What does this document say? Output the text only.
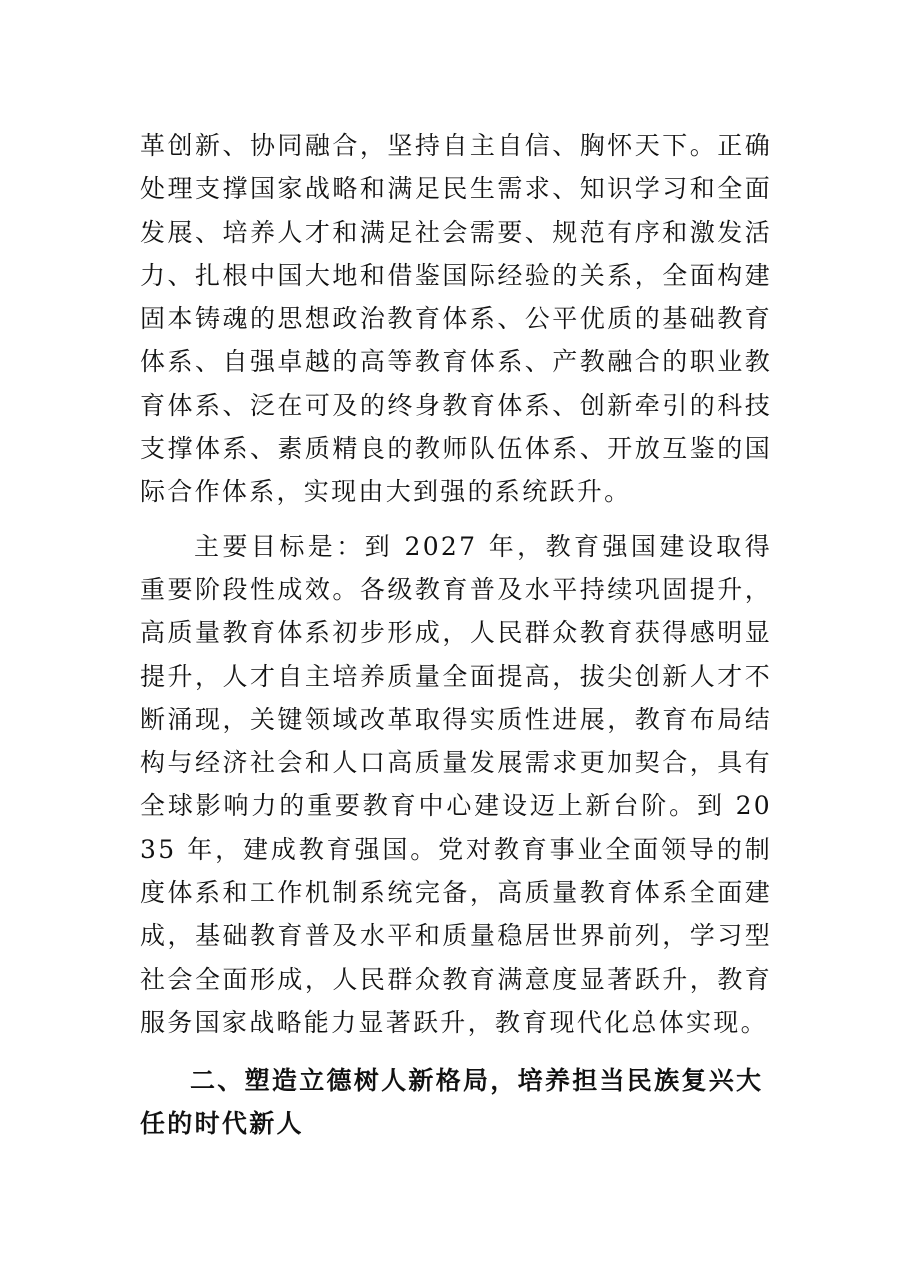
革创新、协同融合，坚持自主自信、胸怀天下。正确处理支撑国家战略和满足民生需求、知识学习和全面发展、培养人才和满足社会需要、规范有序和激发活力、扎根中国大地和借鉴国际经验的关系，全面构建固本铸魂的思想政治教育体系、公平优质的基础教育体系、自强卓越的高等教育体系、产教融合的职业教育体系、泛在可及的终身教育体系、创新牵引的科技支撑体系、素质精良的教师队伍体系、开放互鉴的国际合作体系，实现由大到强的系统跃升。

主要目标是：到 2027 年，教育强国建设取得重要阶段性成效。各级教育普及水平持续巩固提升，高质量教育体系初步形成，人民群众教育获得感明显提升，人才自主培养质量全面提高，拔尖创新人才不断涌现，关键领域改革取得实质性进展，教育布局结构与经济社会和人口高质量发展需求更加契合，具有全球影响力的重要教育中心建设迈上新台阶。到 2035 年，建成教育强国。党对教育事业全面领导的制度体系和工作机制系统完备，高质量教育体系全面建成，基础教育普及水平和质量稳居世界前列，学习型社会全面形成，人民群众教育满意度显著跃升，教育服务国家战略能力显著跃升，教育现代化总体实现。

二、塑造立德树人新格局，培养担当民族复兴大任的时代新人
